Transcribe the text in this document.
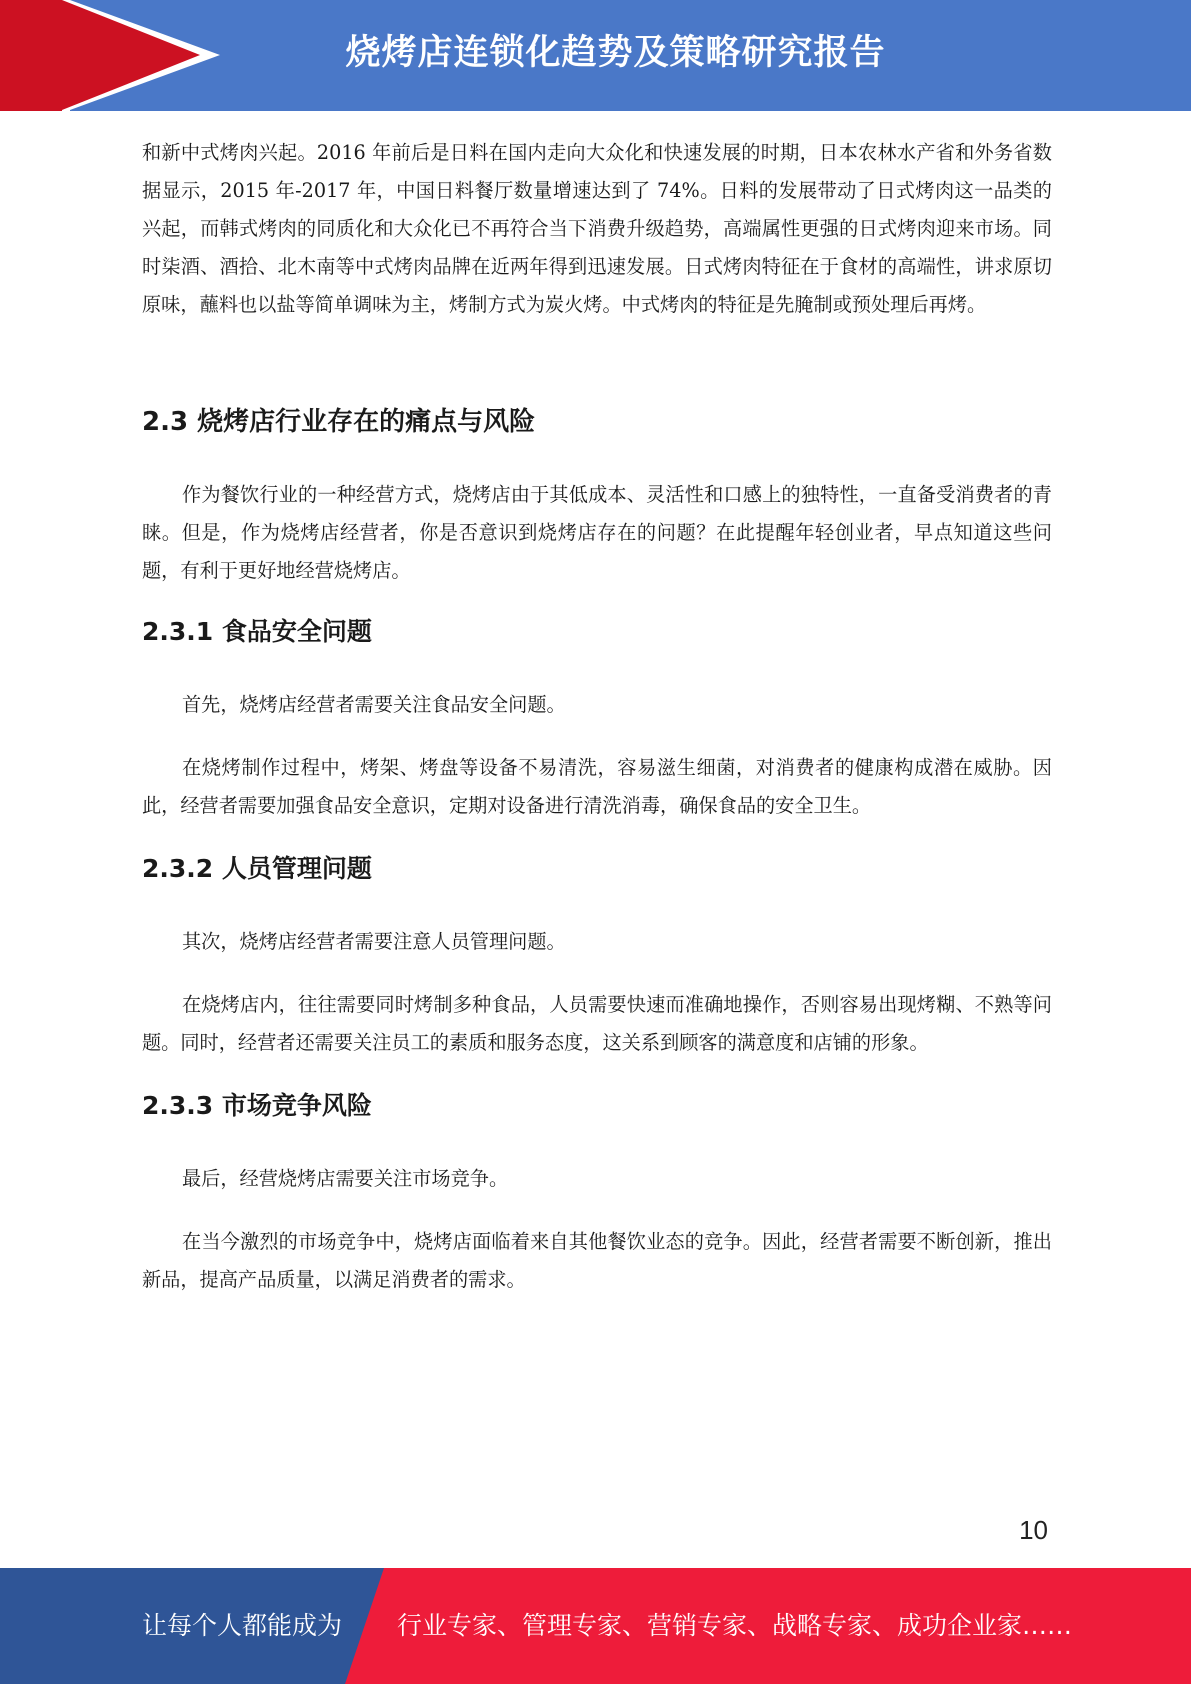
烧烤店连锁化趋势及策略研究报告

和新中式烤肉兴起。2016 年前后是日料在国内走向大众化和快速发展的时期，日本农林水产省和外务省数据显示，2015 年-2017 年，中国日料餐厅数量增速达到了 74%。日料的发展带动了日式烤肉这一品类的兴起，而韩式烤肉的同质化和大众化已不再符合当下消费升级趋势，高端属性更强的日式烤肉迎来市场。同时柒酒、酒拾、北木南等中式烤肉品牌在近两年得到迅速发展。日式烤肉特征在于食材的高端性，讲求原切原味，蘸料也以盐等简单调味为主，烤制方式为炭火烤。中式烤肉的特征是先腌制或预处理后再烤。

2.3 烧烤店行业存在的痛点与风险

作为餐饮行业的一种经营方式，烧烤店由于其低成本、灵活性和口感上的独特性，一直备受消费者的青睐。但是，作为烧烤店经营者，你是否意识到烧烤店存在的问题？在此提醒年轻创业者，早点知道这些问题，有利于更好地经营烧烤店。

2.3.1 食品安全问题

首先，烧烤店经营者需要关注食品安全问题。

在烧烤制作过程中，烤架、烤盘等设备不易清洗，容易滋生细菌，对消费者的健康构成潜在威胁。因此，经营者需要加强食品安全意识，定期对设备进行清洗消毒，确保食品的安全卫生。

2.3.2 人员管理问题

其次，烧烤店经营者需要注意人员管理问题。

在烧烤店内，往往需要同时烤制多种食品，人员需要快速而准确地操作，否则容易出现烤糊、不熟等问题。同时，经营者还需要关注员工的素质和服务态度，这关系到顾客的满意度和店铺的形象。

2.3.3 市场竞争风险

最后，经营烧烤店需要关注市场竞争。

在当今激烈的市场竞争中，烧烤店面临着来自其他餐饮业态的竞争。因此，经营者需要不断创新，推出新品，提高产品质量，以满足消费者的需求。

10
让每个人都能成为 行业专家、管理专家、营销专家、战略专家、成功企业家……
